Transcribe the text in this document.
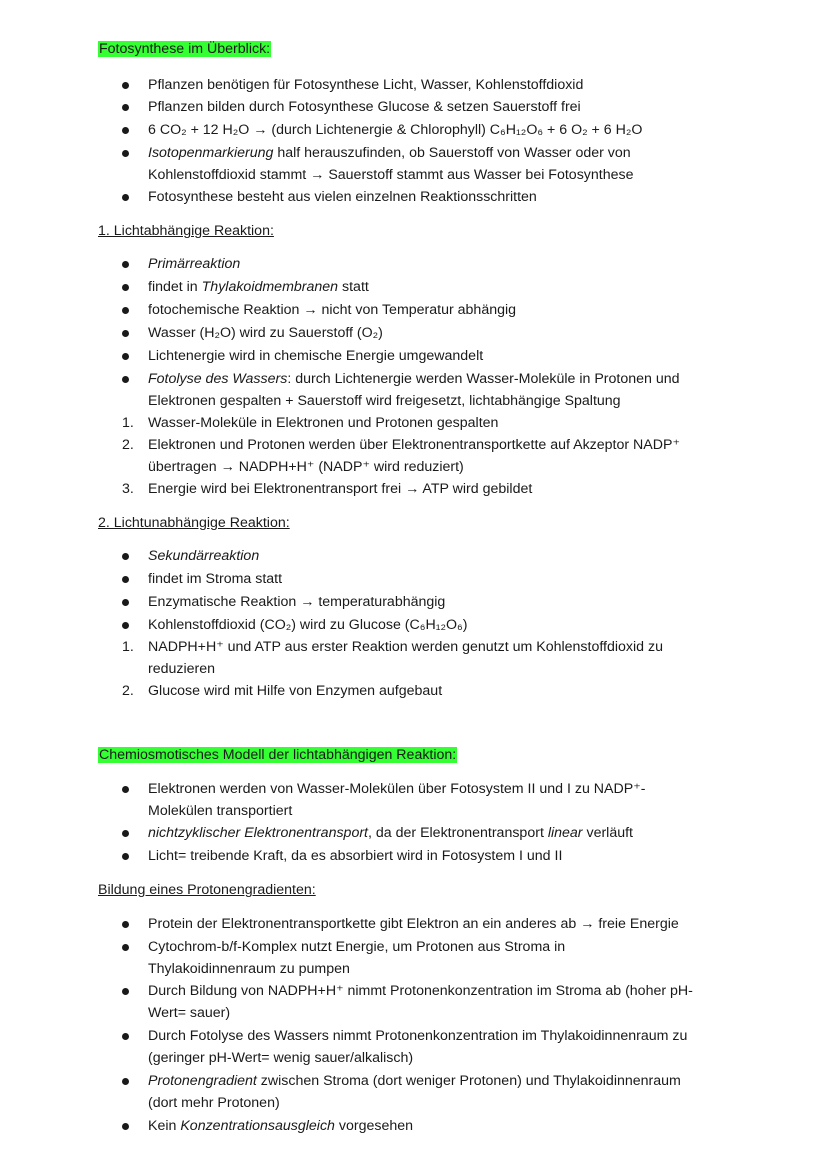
Fotosynthese im Überblick:
Pflanzen benötigen für Fotosynthese Licht, Wasser, Kohlenstoffdioxid
Pflanzen bilden durch Fotosynthese Glucose & setzen Sauerstoff frei
6 CO₂ + 12 H₂O → (durch Lichtenergie & Chlorophyll) C₆H₁₂O₆ + 6 O₂ + 6 H₂O
Isotopenmarkierung half herauszufinden, ob Sauerstoff von Wasser oder von
Kohlenstoffdioxid stammt → Sauerstoff stammt aus Wasser bei Fotosynthese
Fotosynthese besteht aus vielen einzelnen Reaktionsschritten
1. Lichtabhängige Reaktion:
Primärreaktion
findet in Thylakoidmembranen statt
fotochemische Reaktion → nicht von Temperatur abhängig
Wasser (H₂O) wird zu Sauerstoff (O₂)
Lichtenergie wird in chemische Energie umgewandelt
Fotolyse des Wassers: durch Lichtenergie werden Wasser-Moleküle in Protonen und
Elektronen gespalten + Sauerstoff wird freigesetzt, lichtabhängige Spaltung
1. Wasser-Moleküle in Elektronen und Protonen gespalten
2. Elektronen und Protonen werden über Elektronentransportkette auf Akzeptor NADP⁺
übertragen → NADPH+H⁺ (NADP⁺ wird reduziert)
3. Energie wird bei Elektronentransport frei → ATP wird gebildet
2. Lichtunabhängige Reaktion:
Sekundärreaktion
findet im Stroma statt
Enzymatische Reaktion → temperaturabhängig
Kohlenstoffdioxid (CO₂) wird zu Glucose (C₆H₁₂O₆)
1. NADPH+H⁺ und ATP aus erster Reaktion werden genutzt um Kohlenstoffdioxid zu
reduzieren
2. Glucose wird mit Hilfe von Enzymen aufgebaut
Chemiosmotisches Modell der lichtabhängigen Reaktion:
Elektronen werden von Wasser-Molekülen über Fotosystem II und I zu NADP⁺-
Molekülen transportiert
nichtzyklischer Elektronentransport, da der Elektronentransport linear verläuft
Licht= treibende Kraft, da es absorbiert wird in Fotosystem I und II
Bildung eines Protonengradienten:
Protein der Elektronentransportkette gibt Elektron an ein anderes ab → freie Energie
Cytochrom-b/f-Komplex nutzt Energie, um Protonen aus Stroma in
Thylakoidinnenraum zu pumpen
Durch Bildung von NADPH+H⁺ nimmt Protonenkonzentration im Stroma ab (hoher pH-
Wert= sauer)
Durch Fotolyse des Wassers nimmt Protonenkonzentration im Thylakoidinnenraum zu
(geringer pH-Wert= wenig sauer/alkalisch)
Protonengradient zwischen Stroma (dort weniger Protonen) und Thylakoidinnenraum
(dort mehr Protonen)
Kein Konzentrationsausgleich vorgesehen
